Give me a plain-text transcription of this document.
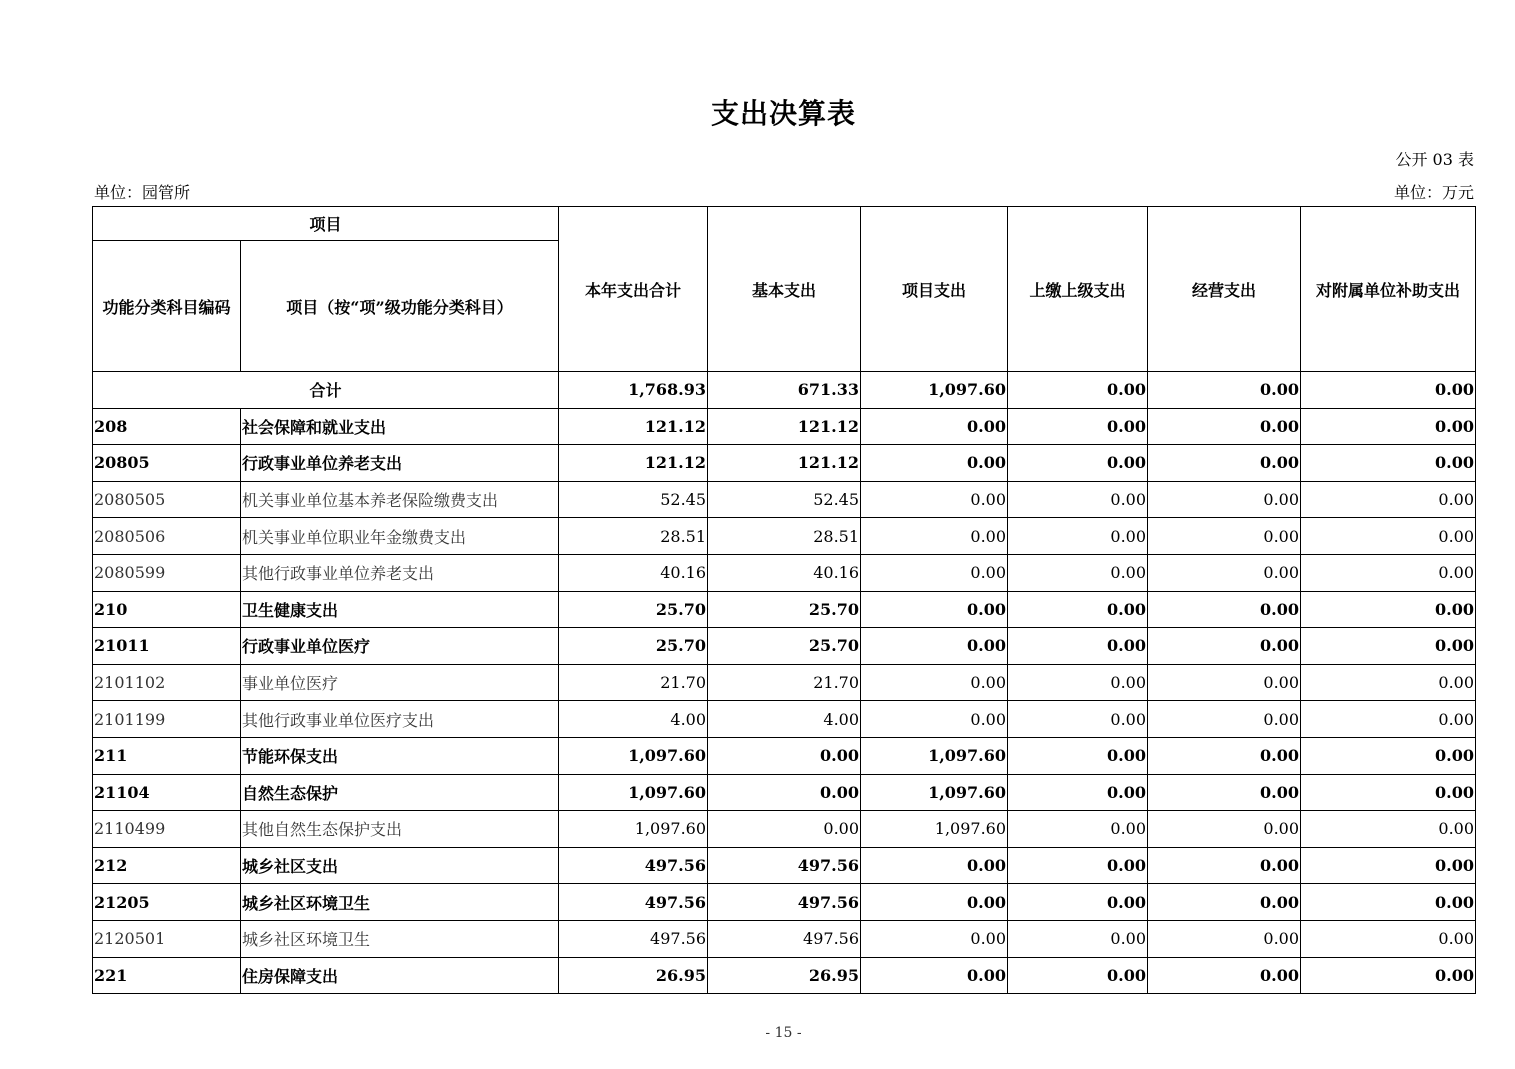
支出决算表
公开 03 表
单位：园管所	单位：万元
项目		本年支出合计	基本支出	项目支出	上缴上级支出	经营支出	对附属单位补助支出
功能分类科目编码	项目（按“项”级功能分类科目）						
合计		1,768.93	671.33	1,097.60	0.00	0.00	0.00
208	社会保障和就业支出	121.12	121.12	0.00	0.00	0.00	0.00
20805	行政事业单位养老支出	121.12	121.12	0.00	0.00	0.00	0.00
2080505	机关事业单位基本养老保险缴费支出	52.45	52.45	0.00	0.00	0.00	0.00
2080506	机关事业单位职业年金缴费支出	28.51	28.51	0.00	0.00	0.00	0.00
2080599	其他行政事业单位养老支出	40.16	40.16	0.00	0.00	0.00	0.00
210	卫生健康支出	25.70	25.70	0.00	0.00	0.00	0.00
21011	行政事业单位医疗	25.70	25.70	0.00	0.00	0.00	0.00
2101102	事业单位医疗	21.70	21.70	0.00	0.00	0.00	0.00
2101199	其他行政事业单位医疗支出	4.00	4.00	0.00	0.00	0.00	0.00
211	节能环保支出	1,097.60	0.00	1,097.60	0.00	0.00	0.00
21104	自然生态保护	1,097.60	0.00	1,097.60	0.00	0.00	0.00
2110499	其他自然生态保护支出	1,097.60	0.00	1,097.60	0.00	0.00	0.00
212	城乡社区支出	497.56	497.56	0.00	0.00	0.00	0.00
21205	城乡社区环境卫生	497.56	497.56	0.00	0.00	0.00	0.00
2120501	城乡社区环境卫生	497.56	497.56	0.00	0.00	0.00	0.00
221	住房保障支出	26.95	26.95	0.00	0.00	0.00	0.00
- 15 -
